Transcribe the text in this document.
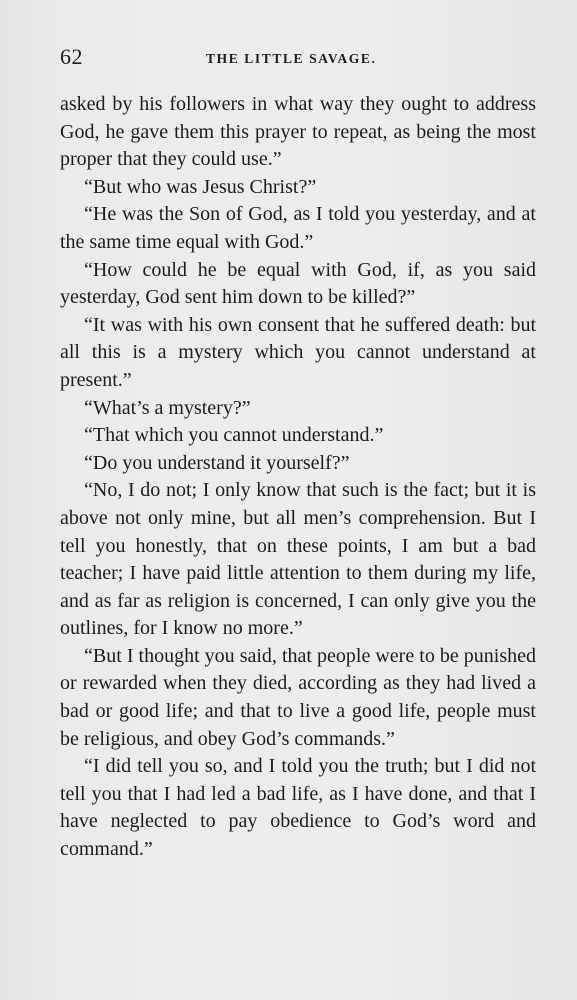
62	THE LITTLE SAVAGE.

asked by his followers in what way they ought to address God, he gave them this prayer to repeat, as being the most proper that they could use.”

“But who was Jesus Christ?”

“He was the Son of God, as I told you yesterday, and at the same time equal with God.”

“How could he be equal with God, if, as you said yesterday, God sent him down to be killed?”

“It was with his own consent that he suffered death: but all this is a mystery which you cannot understand at present.”

“What’s a mystery?”

“That which you cannot understand.”

“Do you understand it yourself?”

“No, I do not; I only know that such is the fact; but it is above not only mine, but all men’s comprehension. But I tell you honestly, that on these points, I am but a bad teacher; I have paid little attention to them during my life, and as far as religion is concerned, I can only give you the outlines, for I know no more.”

“But I thought you said, that people were to be punished or rewarded when they died, according as they had lived a bad or good life; and that to live a good life, people must be religious, and obey God’s commands.”

“I did tell you so, and I told you the truth; but I did not tell you that I had led a bad life, as I have done, and that I have neglected to pay obedience to God’s word and command.”
